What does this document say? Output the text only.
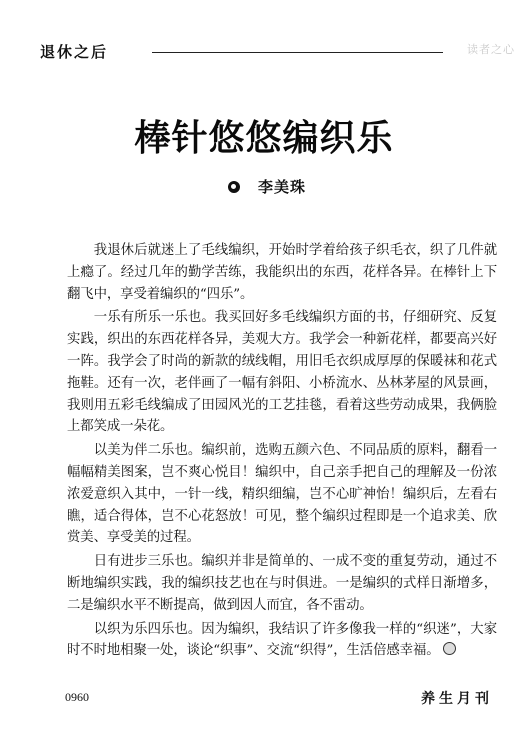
退休之后	读者之心
棒针悠悠编织乐
李美珠

我退休后就迷上了毛线编织，开始时学着给孩子织毛衣，织了几件就上瘾了。经过几年的勤学苦练，我能织出的东西，花样各异。在棒针上下翻飞中，享受着编织的“四乐”。

一乐有所乐一乐也。我买回好多毛线编织方面的书，仔细研究、反复实践，织出的东西花样各异，美观大方。我学会一种新花样，都要高兴好一阵。我学会了时尚的新款的绒线帽，用旧毛衣织成厚厚的保暖袜和花式拖鞋。还有一次，老伴画了一幅有斜阳、小桥流水、丛林茅屋的风景画，我则用五彩毛线编成了田园风光的工艺挂毯，看着这些劳动成果，我俩脸上都笑成一朵花。

以美为伴二乐也。编织前，选购五颜六色、不同品质的原料，翻看一幅幅精美图案，岂不爽心悦目！编织中，自己亲手把自己的理解及一份浓浓爱意织入其中，一针一线，精织细编，岂不心旷神怡！编织后，左看右瞧，适合得体，岂不心花怒放！可见，整个编织过程即是一个追求美、欣赏美、享受美的过程。

日有进步三乐也。编织并非是简单的、一成不变的重复劳动，通过不断地编织实践，我的编织技艺也在与时俱进。一是编织的式样日渐增多，二是编织水平不断提高，做到因人而宜，各不雷动。

以织为乐四乐也。因为编织，我结识了许多像我一样的“织迷”，大家时不时地相聚一处，谈论“织事”、交流“织得”，生活倍感幸福。

0960	养生月刊
